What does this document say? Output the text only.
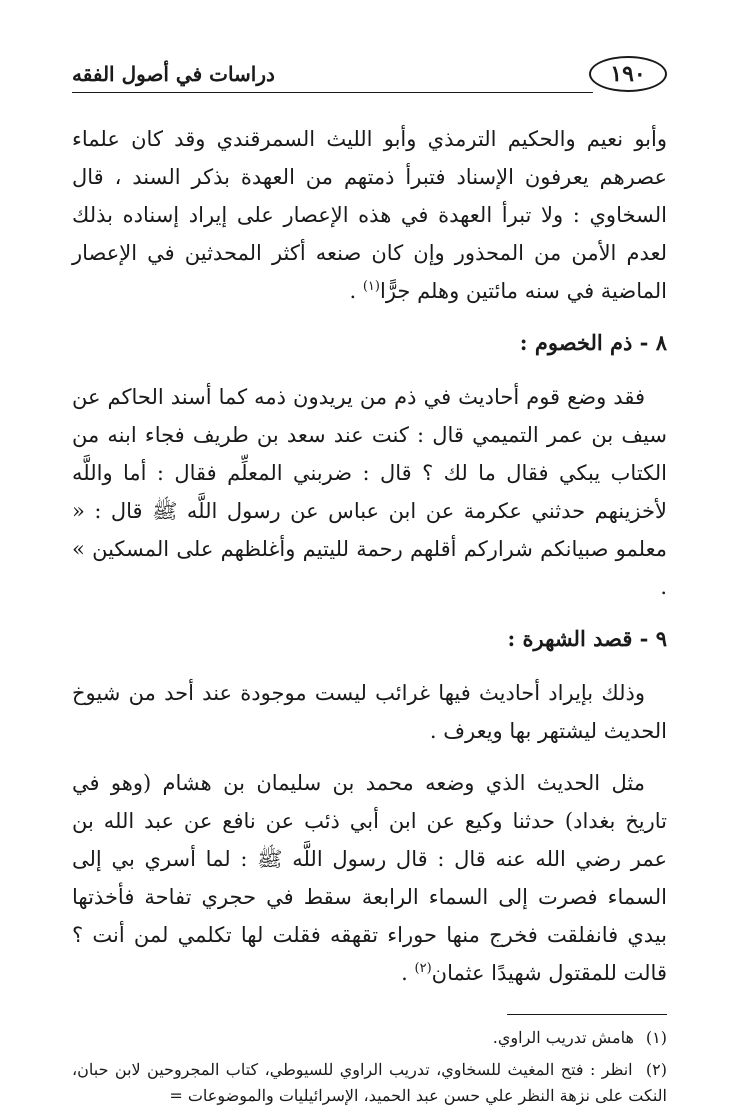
١٩٠
دراسات في أصول الفقه

وأبو نعيم والحكيم الترمذي وأبو الليث السمرقندي وقد كان علماء عصرهم يعرفون الإسناد فتبرأ ذمتهم من العهدة بذكر السند ، قال السخاوي : ولا تبرأ العهدة في هذه الإعصار على إيراد إسناده بذلك لعدم الأمن من المحذور وإن كان صنعه أكثر المحدثين في الإعصار الماضية في سنه مائتين وهلم جرًّا$^{(١)}$ .

٨ - ذم الخصوم :

فقد وضع قوم أحاديث في ذم من يريدون ذمه كما أسند الحاكم عن سيف بن عمر التميمي قال : كنت عند سعد بن طريف فجاء ابنه من الكتاب يبكي فقال ما لك ؟ قال : ضربني المعلِّم فقال : أما واللَّه لأخزينهم حدثني عكرمة عن ابن عباس عن رسول اللَّه ﷺ قال : « معلمو صبيانكم شراركم أقلهم رحمة لليتيم وأغلظهم على المسكين » .

٩ - قصد الشهرة :

وذلك بإيراد أحاديث فيها غرائب ليست موجودة عند أحد من شيوخ الحديث ليشتهر بها ويعرف .

مثل الحديث الذي وضعه محمد بن سليمان بن هشام (وهو في تاريخ بغداد) حدثنا وكيع عن ابن أبي ذئب عن نافع عن عبد الله بن عمر رضي الله عنه قال : قال رسول اللَّه ﷺ : لما أسري بي إلى السماء فصرت إلى السماء الرابعة سقط في حجري تفاحة فأخذتها بيدي فانفلقت فخرج منها حوراء تقهقه فقلت لها تكلمي لمن أنت ؟ قالت للمقتول شهيدًا عثمان$^{(٢)}$ .

(١) هامش تدريب الراوي.

(٢) انظر : فتح المغيث للسخاوي، تدريب الراوي للسيوطي، كتاب المجروحين لابن حبان، النكت على نزهة النظر علي حسن عبد الحميد، الإسرائيليات والموضوعات =
